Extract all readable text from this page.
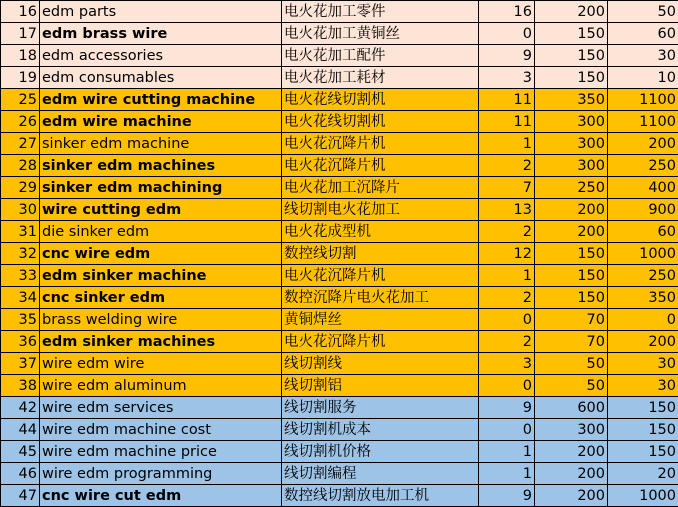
16	edm parts	电火花加工零件	16	200	50
17	edm brass wire	电火花加工黄铜丝	0	150	60
18	edm accessories	电火花加工配件	9	150	30
19	edm consumables	电火花加工耗材	3	150	10
25	edm wire cutting machine	电火花线切割机	11	350	1100
26	edm wire machine	电火花线切割机	11	300	1100
27	sinker edm machine	电火花沉降片机	1	300	200
28	sinker edm machines	电火花沉降片机	2	300	250
29	sinker edm machining	电火花加工沉降片	7	250	400
30	wire cutting edm	线切割电火花加工	13	200	900
31	die sinker edm	电火花成型机	2	200	60
32	cnc wire edm	数控线切割	12	150	1000
33	edm sinker machine	电火花沉降片机	1	150	250
34	cnc sinker edm	数控沉降片电火花加工	2	150	350
35	brass welding wire	黄铜焊丝	0	70	0
36	edm sinker machines	电火花沉降片机	2	70	200
37	wire edm wire	线切割线	3	50	30
38	wire edm aluminum	线切割铝	0	50	30
42	wire edm services	线切割服务	9	600	150
44	wire edm machine cost	线切割机成本	0	300	150
45	wire edm machine price	线切割机价格	1	200	150
46	wire edm programming	线切割编程	1	200	20
47	cnc wire cut edm	数控线切割放电加工机	9	200	1000
